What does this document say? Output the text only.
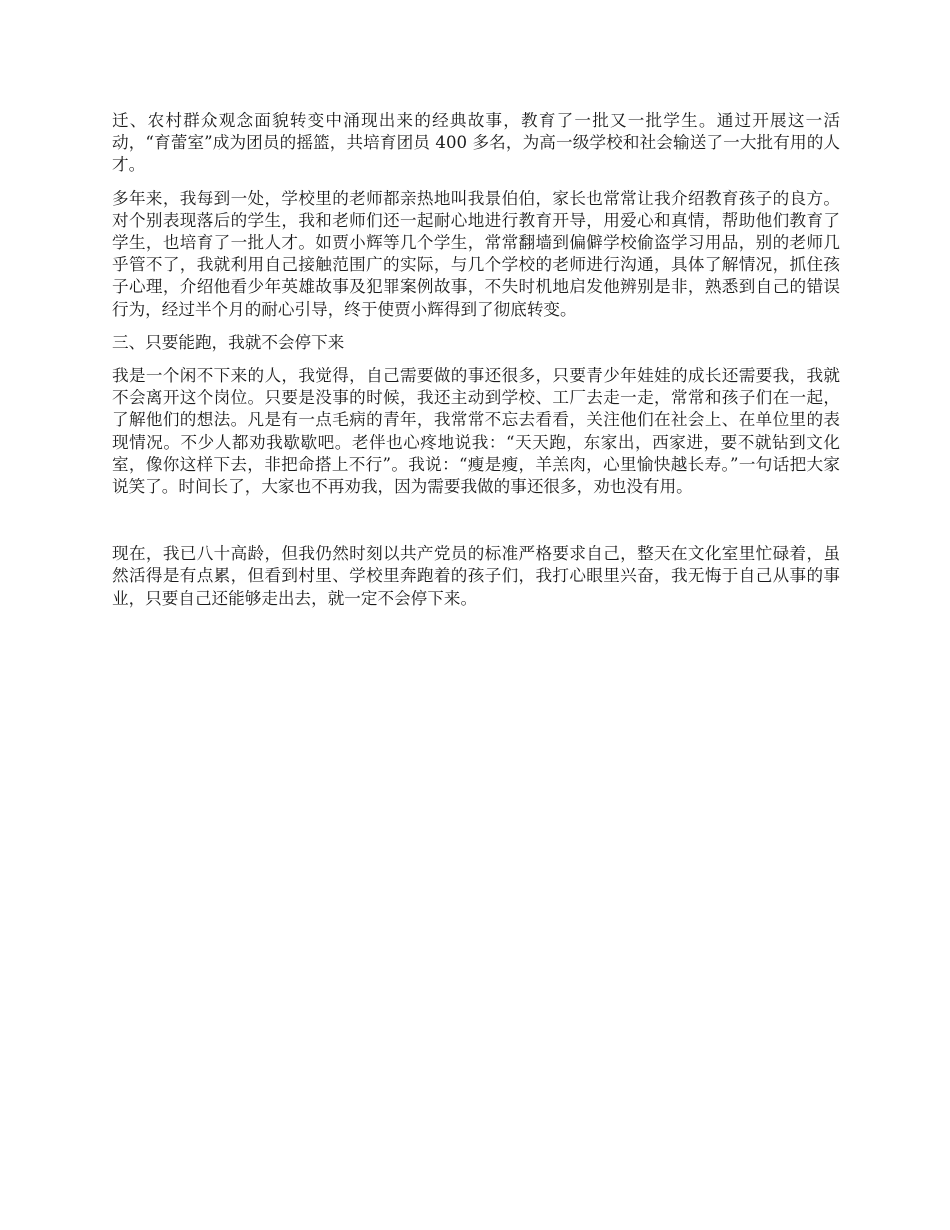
迁、农村群众观念面貌转变中涌现出来的经典故事，教育了一批又一批学生。通过开展这一活动，“育蕾室”成为团员的摇篮，共培育团员 400 多名，为高一级学校和社会输送了一大批有用的人才。

多年来，我每到一处，学校里的老师都亲热地叫我景伯伯，家长也常常让我介绍教育孩子的良方。对个别表现落后的学生，我和老师们还一起耐心地进行教育开导，用爱心和真情，帮助他们教育了学生，也培育了一批人才。如贾小辉等几个学生，常常翻墙到偏僻学校偷盗学习用品，别的老师几乎管不了，我就利用自己接触范围广的实际，与几个学校的老师进行沟通，具体了解情况，抓住孩子心理，介绍他看少年英雄故事及犯罪案例故事，不失时机地启发他辨别是非，熟悉到自己的错误行为，经过半个月的耐心引导，终于使贾小辉得到了彻底转变。

三、只要能跑，我就不会停下来

我是一个闲不下来的人，我觉得，自己需要做的事还很多，只要青少年娃娃的成长还需要我，我就不会离开这个岗位。只要是没事的时候，我还主动到学校、工厂去走一走，常常和孩子们在一起，了解他们的想法。凡是有一点毛病的青年，我常常不忘去看看，关注他们在社会上、在单位里的表现情况。不少人都劝我歇歇吧。老伴也心疼地说我：“天天跑，东家出，西家进，要不就钻到文化室，像你这样下去，非把命搭上不行”。我说：“瘦是瘦，羊羔肉，心里愉快越长寿。”一句话把大家说笑了。时间长了，大家也不再劝我，因为需要我做的事还很多，劝也没有用。

现在，我已八十高龄，但我仍然时刻以共产党员的标准严格要求自己，整天在文化室里忙碌着，虽然活得是有点累，但看到村里、学校里奔跑着的孩子们，我打心眼里兴奋，我无悔于自己从事的事业，只要自己还能够走出去，就一定不会停下来。
